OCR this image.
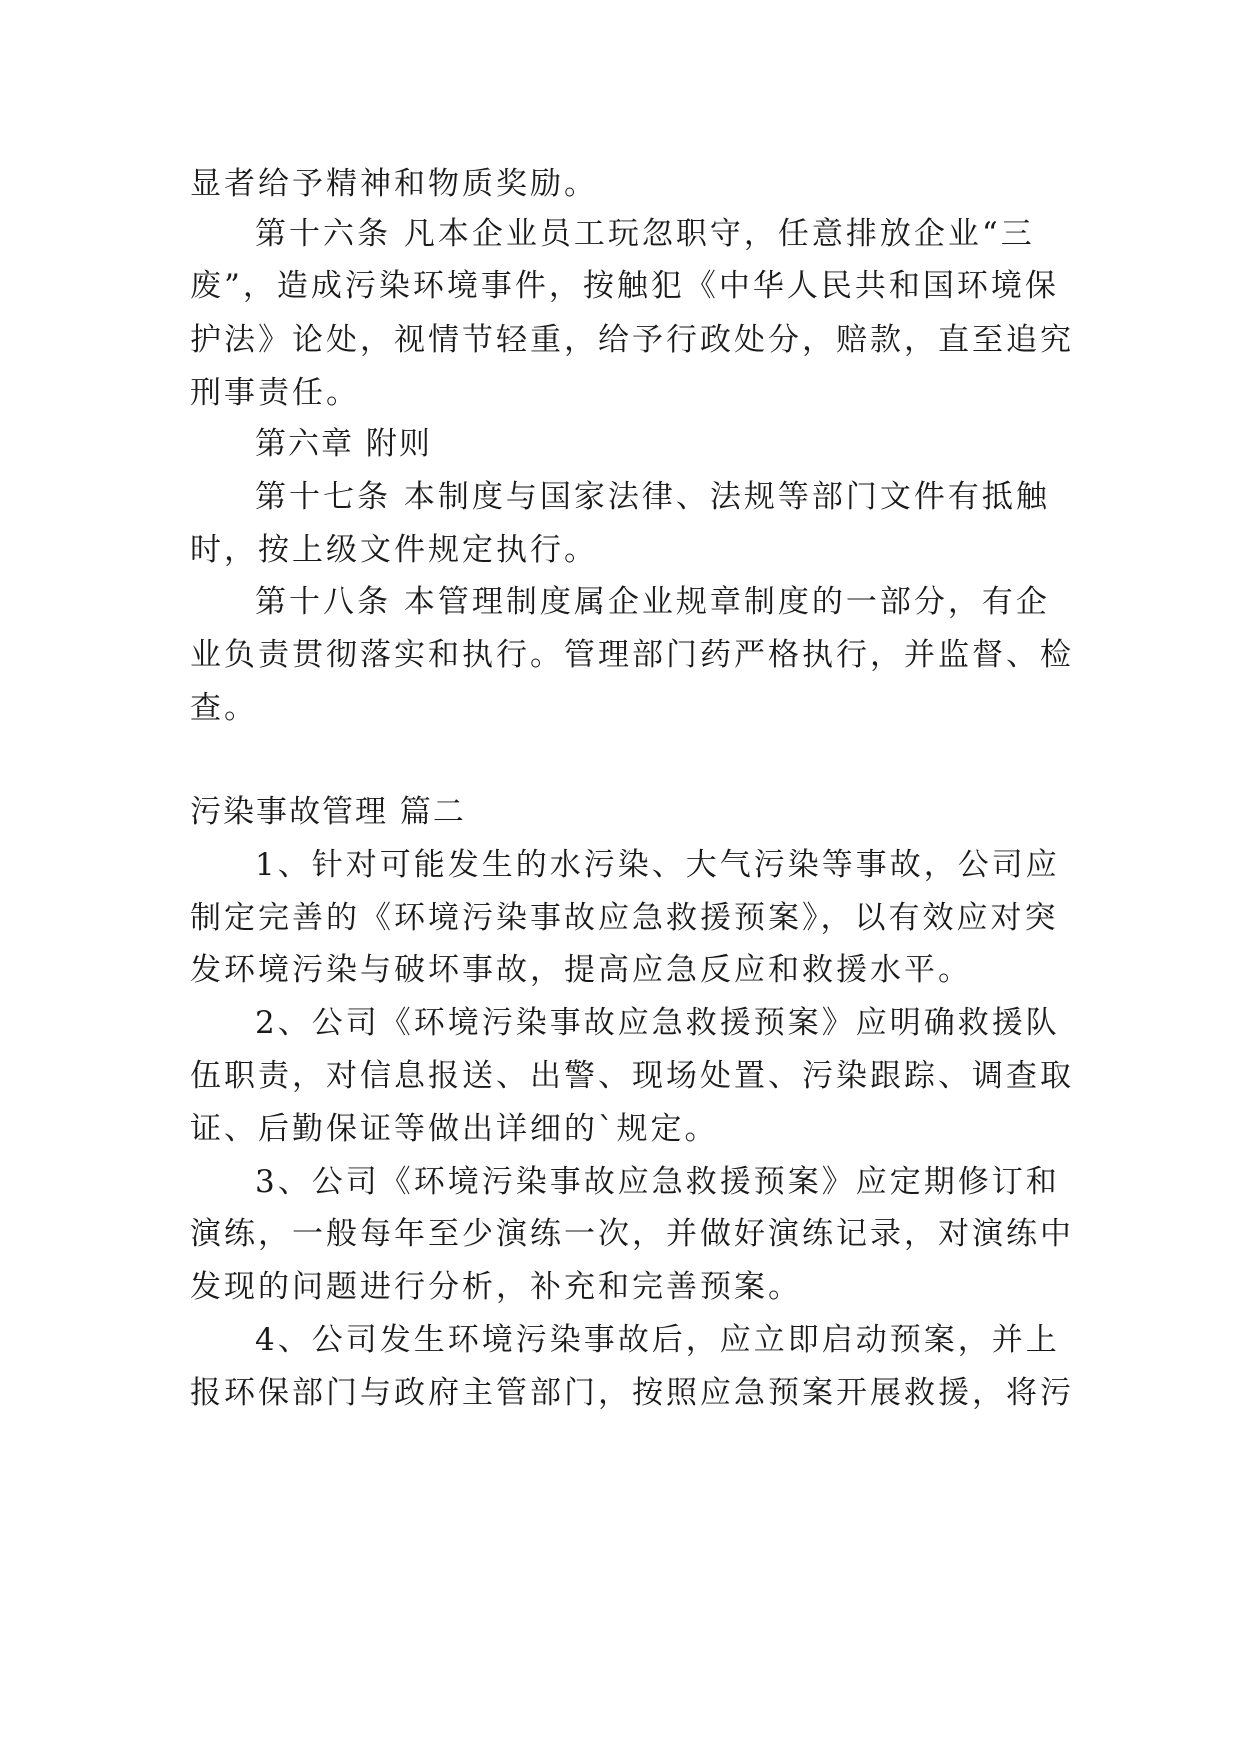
显者给予精神和物质奖励。
第十六条 凡本企业员工玩忽职守，任意排放企业“三
废”，造成污染环境事件，按触犯《中华人民共和国环境保
护法》论处，视情节轻重，给予行政处分，赔款，直至追究
刑事责任。
第六章 附则
第十七条 本制度与国家法律、法规等部门文件有抵触
时，按上级文件规定执行。
第十八条 本管理制度属企业规章制度的一部分，有企
业负责贯彻落实和执行。管理部门药严格执行，并监督、检
查。
污染事故管理 篇二
1、针对可能发生的水污染、大气污染等事故，公司应
制定完善的《环境污染事故应急救援预案》，以有效应对突
发环境污染与破坏事故，提高应急反应和救援水平。
2、公司《环境污染事故应急救援预案》应明确救援队
伍职责，对信息报送、出警、现场处置、污染跟踪、调查取
证、后勤保证等做出详细的`规定。
3、公司《环境污染事故应急救援预案》应定期修订和
演练，一般每年至少演练一次，并做好演练记录，对演练中
发现的问题进行分析，补充和完善预案。
4、公司发生环境污染事故后，应立即启动预案，并上
报环保部门与政府主管部门，按照应急预案开展救援，将污
